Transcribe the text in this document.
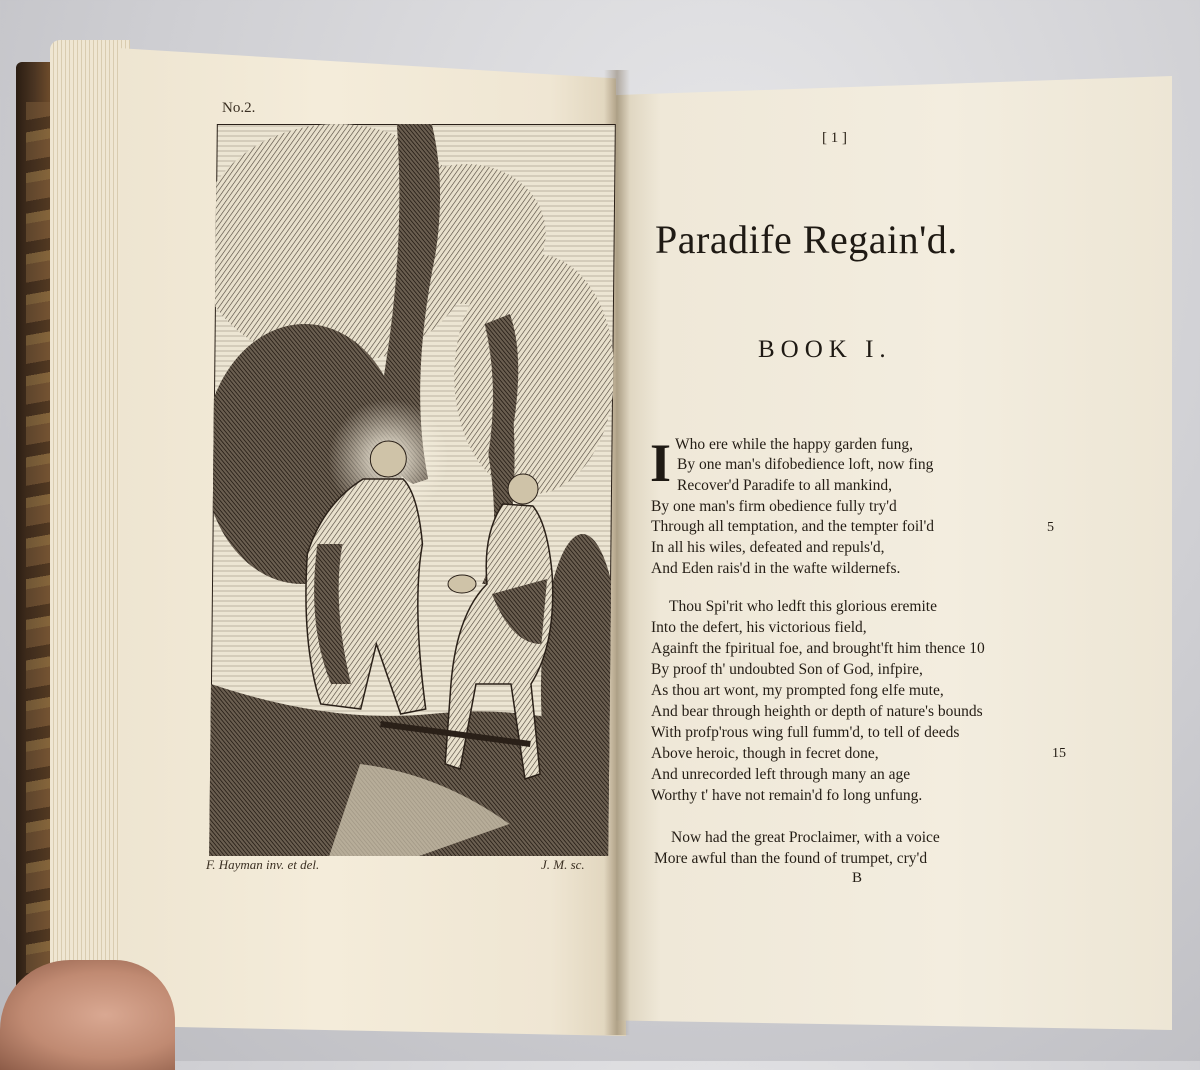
No.2.
F. Hayman inv. et del.	J. M. sc.
[ 1 ]
Paradife Regain'd.
BOOK I.
I Who ere while the happy garden fung,
By one man's difobedience loft, now fing
Recover'd Paradife to all mankind,
By one man's firm obedience fully try'd
Through all temptation, and the tempter foil'd
In all his wiles, defeated and repuls'd,
And Eden rais'd in the wafte wildernefs.
5
Thou Spi'rit who ledft this glorious eremite
Into the defert, his victorious field,
Againft the fpiritual foe, and brought'ft him thence 10
By proof th' undoubted Son of God, infpire,
As thou art wont, my prompted fong elfe mute,
And bear through heighth or depth of nature's bounds
With profp'rous wing full fumm'd, to tell of deeds
Above heroic, though in fecret done,
And unrecorded left through many an age
Worthy t' have not remain'd fo long unfung.
15
Now had the great Proclaimer, with a voice
More awful than the found of trumpet, cry'd
B
